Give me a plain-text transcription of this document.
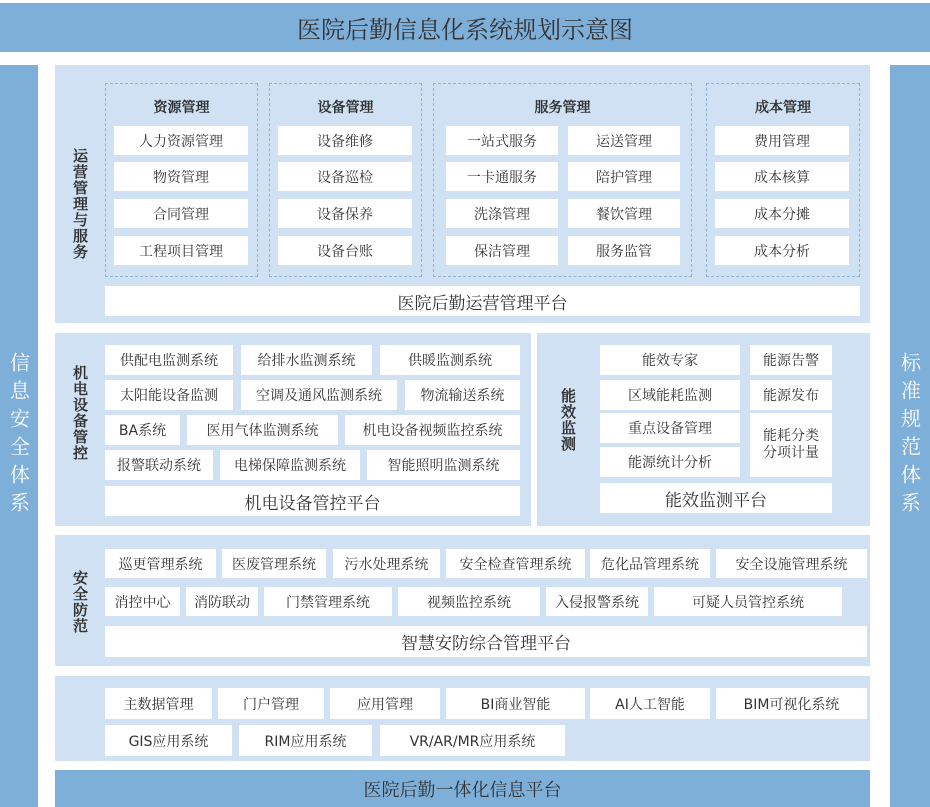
医院后勤信息化系统规划示意图
信息安全体系	标准规范体系
运营管理与服务
机电设备管控	能效监测
安全防范
医院后勤一体化信息平台
资源管理
人力资源管理
物资管理
合同管理
工程项目管理
设备管理
设备维修
设备巡检
设备保养
设备台账
服务管理
一站式服务	运送管理
一卡通服务	陪护管理
洗涤管理	餐饮管理
保洁管理	服务监管
成本管理
费用管理
成本核算
成本分摊
成本分析
医院后勤运营管理平台
供配电监测系统	给排水监测系统	供暖监测系统
太阳能设备监测	空调及通风监测系统	物流输送系统
BA系统	医用气体监测系统	机电设备视频监控系统
报警联动系统	电梯保障监测系统	智能照明监测系统
机电设备管控平台
能效专家
区域能耗监测
重点设备管理
能源统计分析
能源告警
能源发布
能耗分类
分项计量
能效监测平台
巡更管理系统	医废管理系统	污水处理系统	安全检查管理系统	危化品管理系统	安全设施管理系统
消控中心	消防联动	门禁管理系统	视频监控系统	入侵报警系统	可疑人员管控系统
智慧安防综合管理平台
主数据管理	门户管理	应用管理	BI商业智能	AI人工智能	BIM可视化系统
GIS应用系统	RIM应用系统	VR/AR/MR应用系统
